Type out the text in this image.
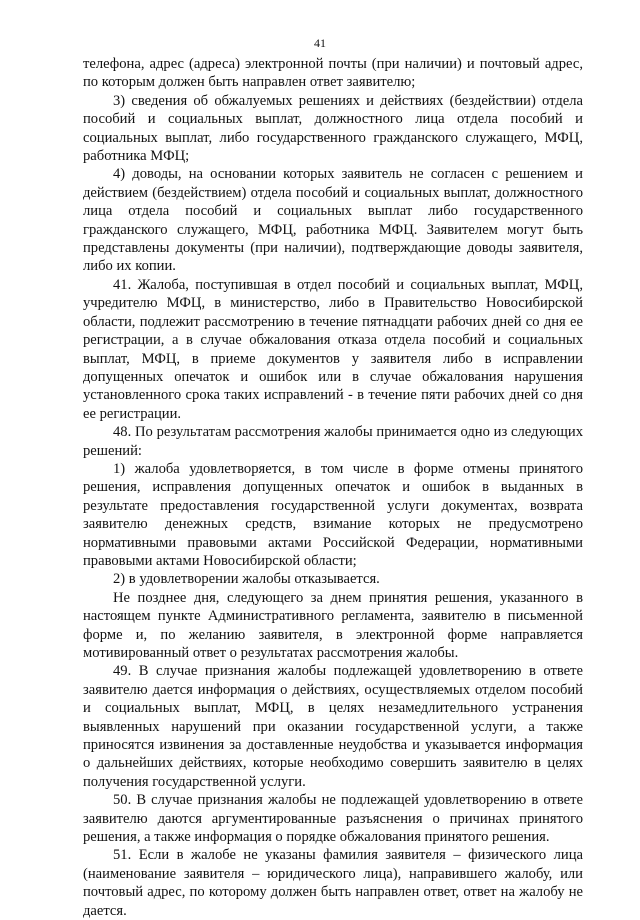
41

телефона, адрес (адреса) электронной почты (при наличии) и почтовый адрес, по которым должен быть направлен ответ заявителю;

3) сведения об обжалуемых решениях и действиях (бездействии) отдела пособий и социальных выплат, должностного лица отдела пособий и социальных выплат, либо государственного гражданского служащего, МФЦ, работника МФЦ;

4) доводы, на основании которых заявитель не согласен с решением и действием (бездействием) отдела пособий и социальных выплат, должностного лица отдела пособий и социальных выплат либо государственного гражданского служащего, МФЦ, работника МФЦ. Заявителем могут быть представлены документы (при наличии), подтверждающие доводы заявителя, либо их копии.

41. Жалоба, поступившая в отдел пособий и социальных выплат, МФЦ, учредителю МФЦ, в министерство, либо в Правительство Новосибирской области, подлежит рассмотрению в течение пятнадцати рабочих дней со дня ее регистрации, а в случае обжалования отказа отдела пособий и социальных выплат, МФЦ, в приеме документов у заявителя либо в исправлении допущенных опечаток и ошибок или в случае обжалования нарушения установленного срока таких исправлений - в течение пяти рабочих дней со дня ее регистрации.

48. По результатам рассмотрения жалобы принимается одно из следующих решений:

1) жалоба удовлетворяется, в том числе в форме отмены принятого решения, исправления допущенных опечаток и ошибок в выданных в результате предоставления государственной услуги документах, возврата заявителю денежных средств, взимание которых не предусмотрено нормативными правовыми актами Российской Федерации, нормативными правовыми актами Новосибирской области;

2) в удовлетворении жалобы отказывается.

Не позднее дня, следующего за днем принятия решения, указанного в настоящем пункте Административного регламента, заявителю в письменной форме и, по желанию заявителя, в электронной форме направляется мотивированный ответ о результатах рассмотрения жалобы.

49. В случае признания жалобы подлежащей удовлетворению в ответе заявителю дается информация о действиях, осуществляемых отделом пособий и социальных выплат, МФЦ, в целях незамедлительного устранения выявленных нарушений при оказании государственной услуги, а также приносятся извинения за доставленные неудобства и указывается информация о дальнейших действиях, которые необходимо совершить заявителю в целях получения государственной услуги.

50. В случае признания жалобы не подлежащей удовлетворению в ответе заявителю даются аргументированные разъяснения о причинах принятого решения, а также информация о порядке обжалования принятого решения.

51. Если в жалобе не указаны фамилия заявителя – физического лица (наименование заявителя – юридического лица), направившего жалобу, или почтовый адрес, по которому должен быть направлен ответ, ответ на жалобу не дается.
